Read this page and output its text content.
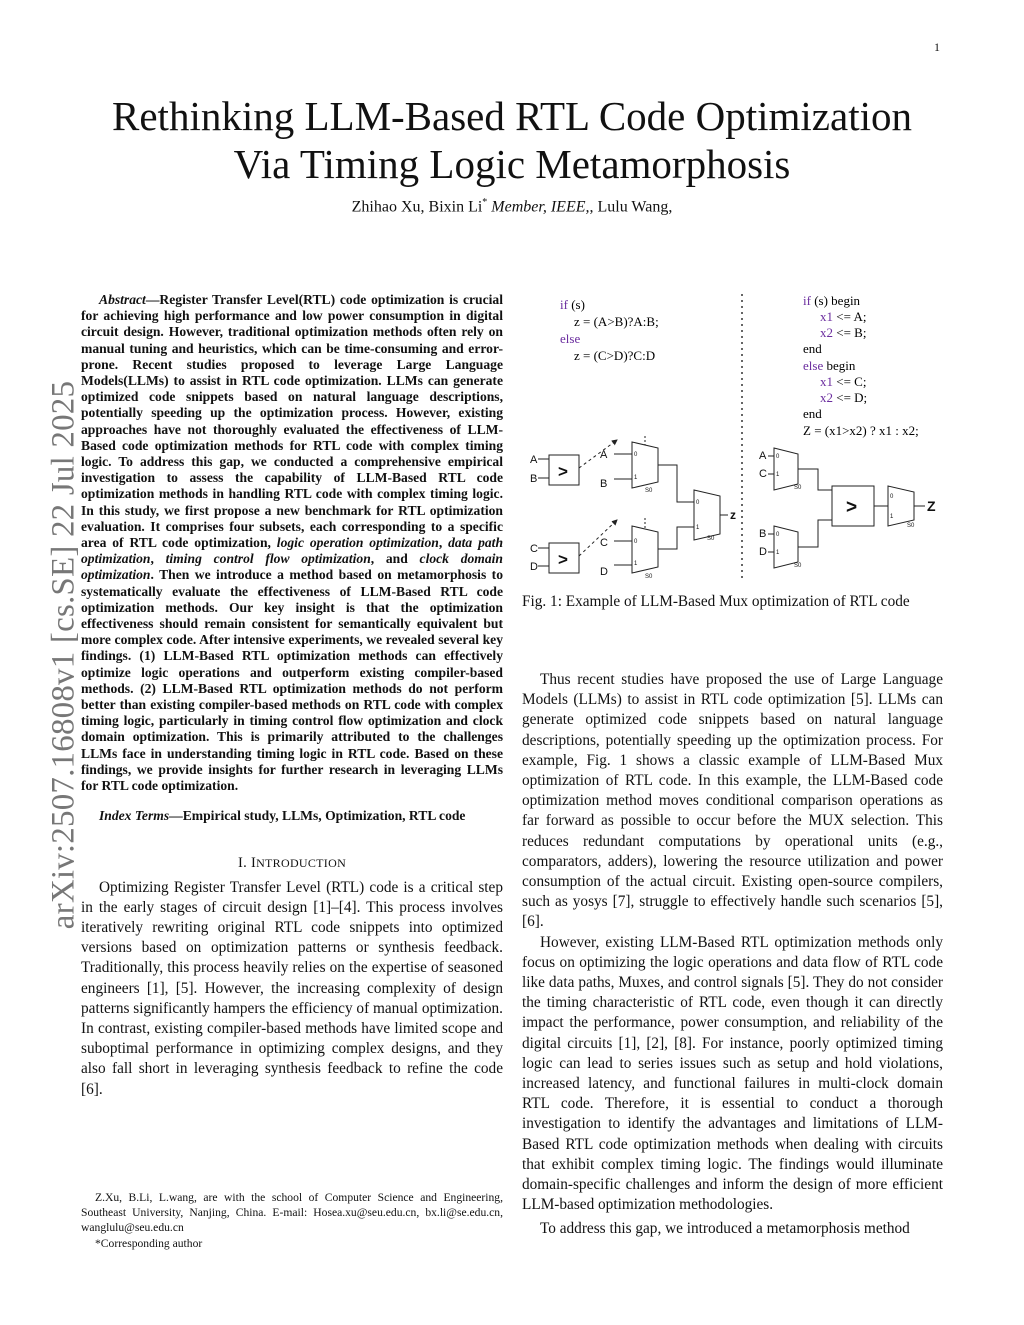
1
Rethinking LLM-Based RTL Code Optimization
Via Timing Logic Metamorphosis
Zhihao Xu, Bixin Li* Member, IEEE,, Lulu Wang,
arXiv:2507.16808v1 [cs.SE] 22 Jul 2025

Abstract—Register Transfer Level(RTL) code optimization is crucial for achieving high performance and low power consumption in digital circuit design. However, traditional optimization methods often rely on manual tuning and heuristics, which can be time-consuming and error-prone. Recent studies proposed to leverage Large Language Models(LLMs) to assist in RTL code optimization. LLMs can generate optimized code snippets based on natural language descriptions, potentially speeding up the optimization process. However, existing approaches have not thoroughly evaluated the effectiveness of LLM-Based code optimization methods for RTL code with complex timing logic. To address this gap, we conducted a comprehensive empirical investigation to assess the capability of LLM-Based RTL code optimization methods in handling RTL code with complex timing logic. In this study, we first propose a new benchmark for RTL optimization evaluation. It comprises four subsets, each corresponding to a specific area of RTL code optimization, logic operation optimization, data path optimization, timing control flow optimization, and clock domain optimization. Then we introduce a method based on metamorphosis to systematically evaluate the effectiveness of LLM-Based RTL code optimization methods. Our key insight is that the optimization effectiveness should remain consistent for semantically equivalent but more complex code. After intensive experiments, we revealed several key findings. (1) LLM-Based RTL optimization methods can effectively optimize logic operations and outperform existing compiler-based methods. (2) LLM-Based RTL optimization methods do not perform better than existing compiler-based methods on RTL code with complex timing logic, particularly in timing control flow optimization and clock domain optimization. This is primarily attributed to the challenges LLMs face in understanding timing logic in RTL code. Based on these findings, we provide insights for further research in leveraging LLMs for RTL code optimization.

Index Terms—Empirical study, LLMs, Optimization, RTL code

I. INTRODUCTION

Optimizing Register Transfer Level (RTL) code is a critical step in the early stages of circuit design [1]–[4]. This process involves iteratively rewriting original RTL code snippets into optimized versions based on optimization patterns or synthesis feedback. Traditionally, this process heavily relies on the expertise of seasoned engineers [1], [5]. However, the increasing complexity of design patterns significantly hampers the efficiency of manual optimization. In contrast, existing compiler-based methods have limited scope and suboptimal performance in optimizing complex designs, and they also fall short in leveraging synthesis feedback to refine the code [6].

Z.Xu, B.Li, L.wang, are with the school of Computer Science and Engineering, Southeast University, Nanjing, China. E-mail: Hosea.xu@seu.edu.cn, bx.li@se.edu.cn, wanglulu@seu.edu.cn

*Corresponding author

if (s)
z = (A>B)?A:B;
else
z = (C>D)?C:D
if (s) begin
x1 <= A;
x2 <= B;
end
else begin
x1 <= C;
x2 <= D;
end
Z = (x1>x2) ? x1 : x2;
>
A
B
A
B
0
1
S0
>
C
D
C
D
0
1
S0
0
1
S0
z
A
C
0
1
S0
B
D
0
1
S0
>	0
1
S0
Z
Fig. 1: Example of LLM-Based Mux optimization of RTL code

Thus recent studies have proposed the use of Large Language Models (LLMs) to assist in RTL code optimization [5]. LLMs can generate optimized code snippets based on natural language descriptions, potentially speeding up the optimization process. For example, Fig. 1 shows a classic example of LLM-Based Mux optimization of RTL code. In this example, the LLM-Based code optimization method moves conditional comparison operations as far forward as possible to occur before the MUX selection. This reduces redundant computations by operational units (e.g., comparators, adders), lowering the resource utilization and power consumption of the actual circuit. Existing open-source compilers, such as yosys [7], struggle to effectively handle such scenarios [5], [6].

However, existing LLM-Based RTL optimization methods only focus on optimizing the logic operations and data flow of RTL code like data paths, Muxes, and control signals [5]. They do not consider the timing characteristic of RTL code, even though it can directly impact the performance, power consumption, and reliability of the digital circuits [1], [2], [8]. For instance, poorly optimized timing logic can lead to series issues such as setup and hold violations, increased latency, and functional failures in multi-clock domain RTL code. Therefore, it is essential to conduct a thorough investigation to identify the advantages and limitations of LLM-Based RTL code optimization methods when dealing with circuits that exhibit complex timing logic. The findings would illuminate domain-specific challenges and inform the design of more efficient LLM-based optimization methodologies.

To address this gap, we introduced a metamorphosis method
